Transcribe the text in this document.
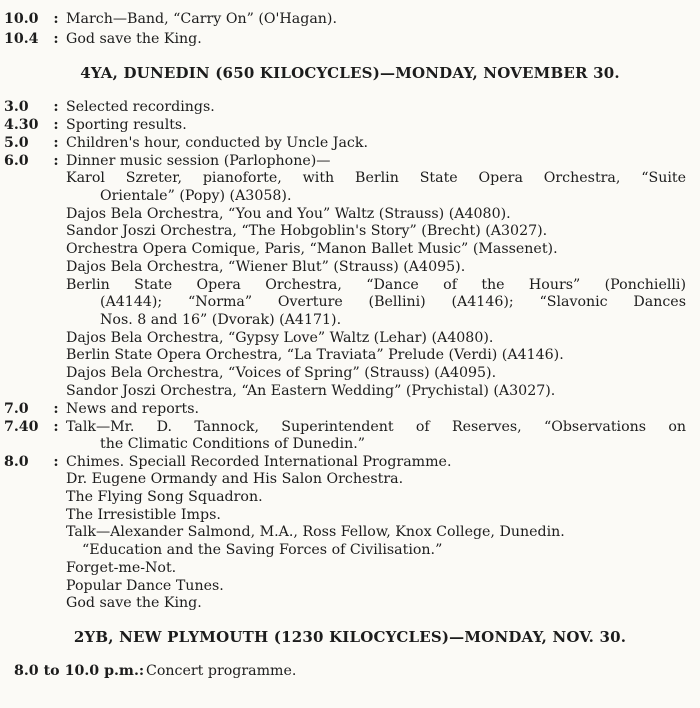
10.0	: March—Band, “Carry On” (O'Hagan).
10.4	: God save the King.
4YA, DUNEDIN (650 KILOCYCLES)—MONDAY, NOVEMBER 30.
3.0	: Selected recordings.
4.30	: Sporting results.
5.0	: Children's hour, conducted by Uncle Jack.
6.0	: Dinner music session (Parlophone)—
Karol Szreter, pianoforte, with Berlin State Opera Orchestra, “Suite
Orientale” (Popy) (A3058).
Dajos Bela Orchestra, “You and You” Waltz (Strauss) (A4080).
Sandor Joszi Orchestra, “The Hobgoblin's Story” (Brecht) (A3027).
Orchestra Opera Comique, Paris, “Manon Ballet Music” (Massenet).
Dajos Bela Orchestra, “Wiener Blut” (Strauss) (A4095).
Berlin State Opera Orchestra, “Dance of the Hours” (Ponchielli)
(A4144); “Norma” Overture (Bellini) (A4146); “Slavonic Dances
Nos. 8 and 16” (Dvorak) (A4171).
Dajos Bela Orchestra, “Gypsy Love” Waltz (Lehar) (A4080).
Berlin State Opera Orchestra, “La Traviata” Prelude (Verdi) (A4146).
Dajos Bela Orchestra, “Voices of Spring” (Strauss) (A4095).
Sandor Joszi Orchestra, “An Eastern Wedding” (Prychistal) (A3027).
7.0	: News and reports.
7.40	: Talk—Mr. D. Tannock, Superintendent of Reserves, “Observations on
the Climatic Conditions of Dunedin.”
8.0	: Chimes. Speciall Recorded International Programme.
Dr. Eugene Ormandy and His Salon Orchestra.
The Flying Song Squadron.
The Irresistible Imps.
Talk—Alexander Salmond, M.A., Ross Fellow, Knox College, Dunedin.
“Education and the Saving Forces of Civilisation.”
Forget-me-Not.
Popular Dance Tunes.
God save the King.
2YB, NEW PLYMOUTH (1230 KILOCYCLES)—MONDAY, NOV. 30.
8.0 to 10.0 p.m.: Concert programme.
